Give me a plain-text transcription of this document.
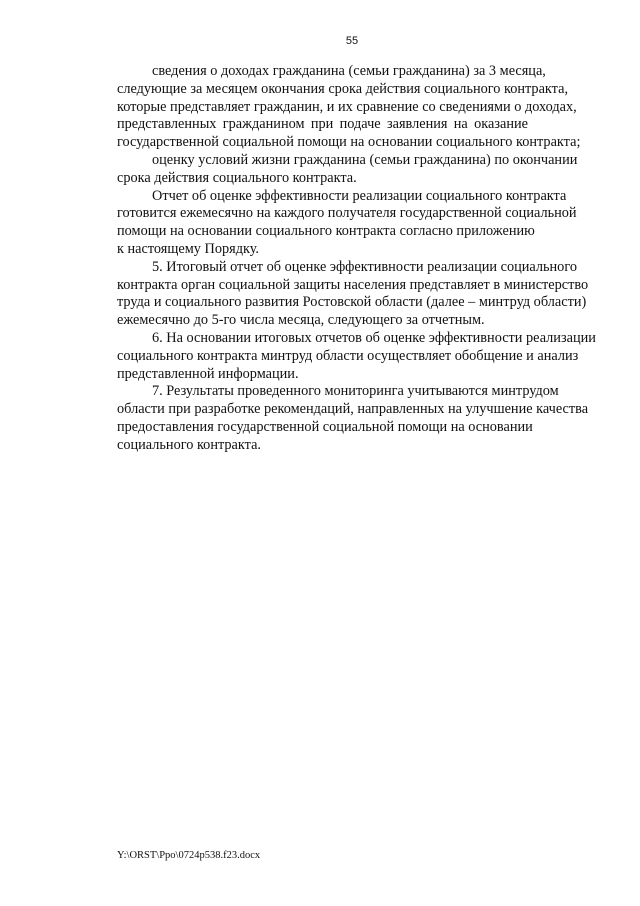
55
сведения о доходах гражданина (семьи гражданина) за 3 месяца,
следующие за месяцем окончания срока действия социального контракта,
которые представляет гражданин, и их сравнение со сведениями о доходах,
представленных гражданином при подаче заявления на оказание
государственной социальной помощи на основании социального контракта;
оценку условий жизни гражданина (семьи гражданина) по окончании
срока действия социального контракта.
Отчет об оценке эффективности реализации социального контракта
готовится ежемесячно на каждого получателя государственной социальной
помощи на основании социального контракта согласно приложению
к настоящему Порядку.
5. Итоговый отчет об оценке эффективности реализации социального
контракта орган социальной защиты населения представляет в министерство
труда и социального развития Ростовской области (далее – минтруд области)
ежемесячно до 5-го числа месяца, следующего за отчетным.
6. На основании итоговых отчетов об оценке эффективности реализации
социального контракта минтруд области осуществляет обобщение и анализ
представленной информации.
7. Результаты проведенного мониторинга учитываются минтрудом
области при разработке рекомендаций, направленных на улучшение качества
предоставления государственной социальной помощи на основании
социального контракта.
Y:\ORST\Ppo\0724p538.f23.docx
